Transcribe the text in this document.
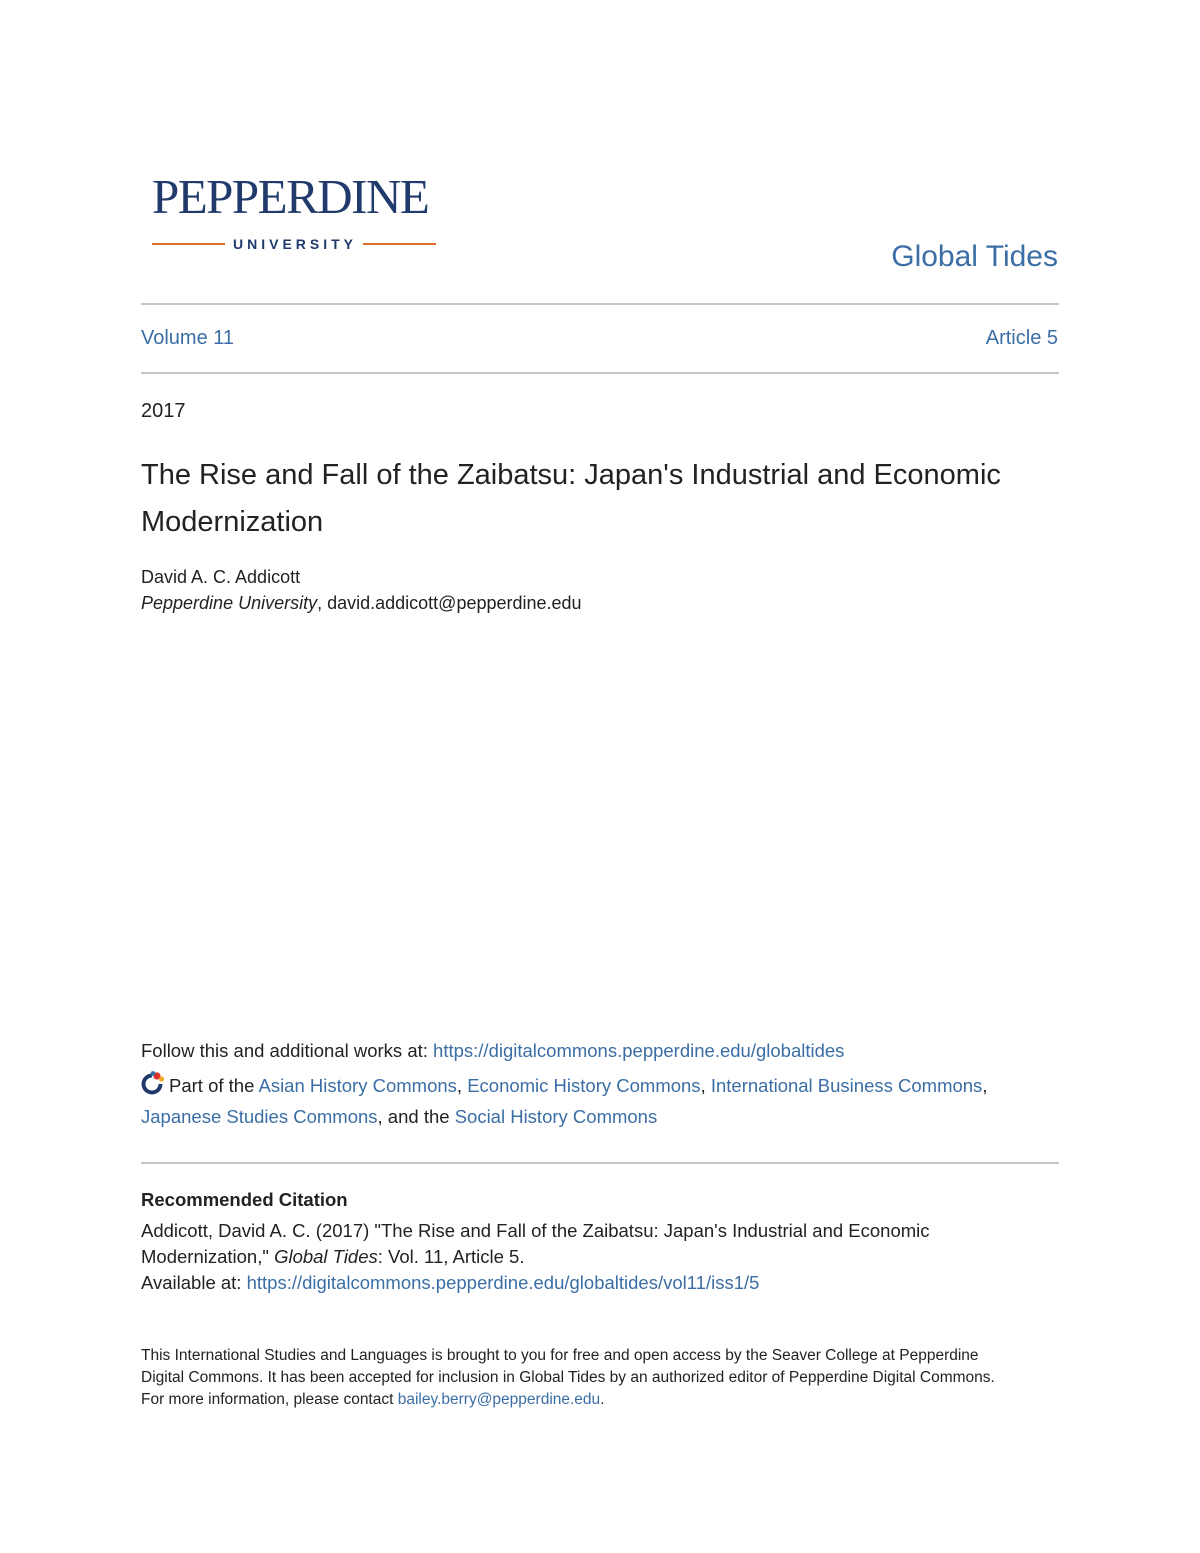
PEPPERDINE
UNIVERSITY	Global Tides
Volume 11	Article 5
2017
The Rise and Fall of the Zaibatsu: Japan's Industrial and Economic Modernization
David A. C. Addicott
Pepperdine University, david.addicott@pepperdine.edu
Follow this and additional works at: https://digitalcommons.pepperdine.edu/globaltides
Part of the Asian History Commons, Economic History Commons, International Business Commons,
Japanese Studies Commons, and the Social History Commons
Recommended Citation
Addicott, David A. C. (2017) "The Rise and Fall of the Zaibatsu: Japan's Industrial and Economic Modernization," Global Tides: Vol. 11, Article 5.
Available at: https://digitalcommons.pepperdine.edu/globaltides/vol11/iss1/5
This International Studies and Languages is brought to you for free and open access by the Seaver College at Pepperdine Digital Commons. It has been accepted for inclusion in Global Tides by an authorized editor of Pepperdine Digital Commons. For more information, please contact bailey.berry@pepperdine.edu.
